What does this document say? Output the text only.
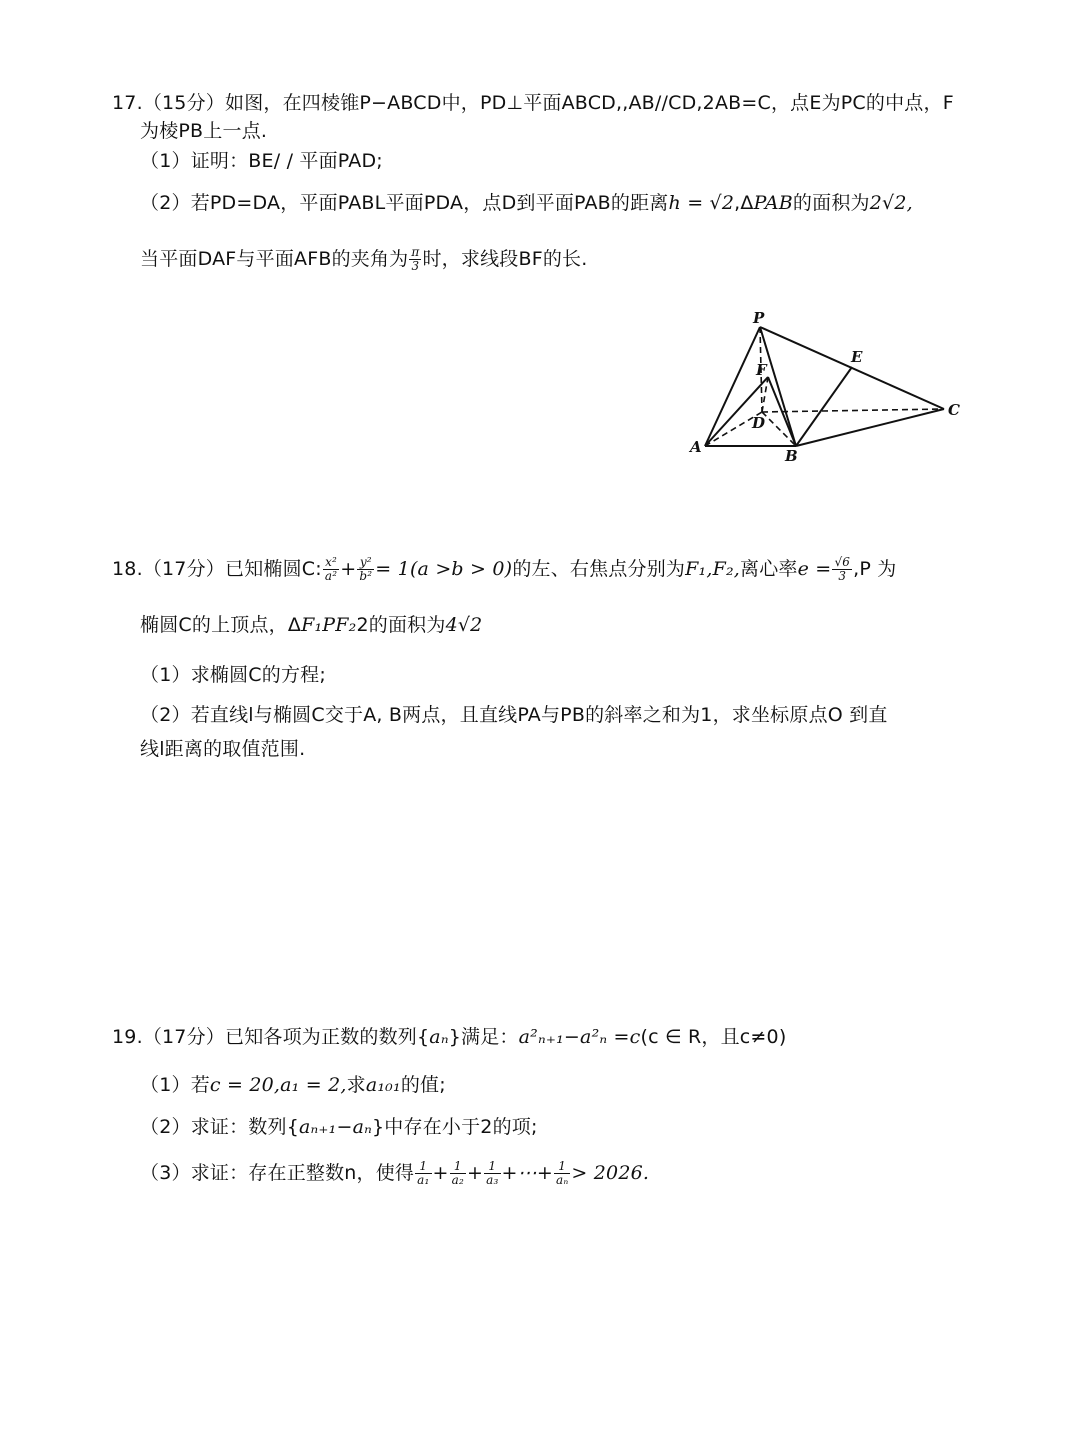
17.（15分）如图，在四棱锥P−ABCD中，PD⊥平面ABCD,,AB//CD,2AB=C，点E为PC的中点，F
为棱PB上一点.
（1）证明：BE/ / 平面PAD;
（2）若PD=DA，平面PABL平面PDA，点D到平面PAB的距离h = √2,ΔPAB的面积为2√2,
当平面DAF与平面AFB的夹角为 $\frac{\pi}{3}$ 时，求线段BF的长.
P
E
F
D
C
A	B
18.（17分）已知椭圆C: $\frac{\text{x²}}{\text{a²}} + \frac{\text{y²}}{\text{b²}} = 1(a >b > 0)$的左、右焦点分别为F₁,F₂,离心率$e = \frac{√6}{3} ,P$ 为
椭圆C的上顶点，ΔF₁PF₂2的面积为4√2
（1）求椭圆C的方程;
（2）若直线l与椭圆C交于A, B两点，且直线PA与PB的斜率之和为1，求坐标原点O 到直
线l距离的取值范围.
19.（17分）已知各项为正数的数列{aₙ}满足：a²ₙ₊₁−a²ₙ =c(c ∈ R，且c≠0)
（1）若c = 20,a₁ = 2,求a₁₀₁的值;
（2）求证：数列{aₙ₊₁−aₙ}中存在小于2的项;
（3）求证：存在正整数n，使得 $\frac{1}{\text{a₁}} + \frac{1}{\text{a₂}} + \frac{1}{\text{a₃}}$ +⋯+ $\frac{1}{\text{aₙ}} > 2026$.
